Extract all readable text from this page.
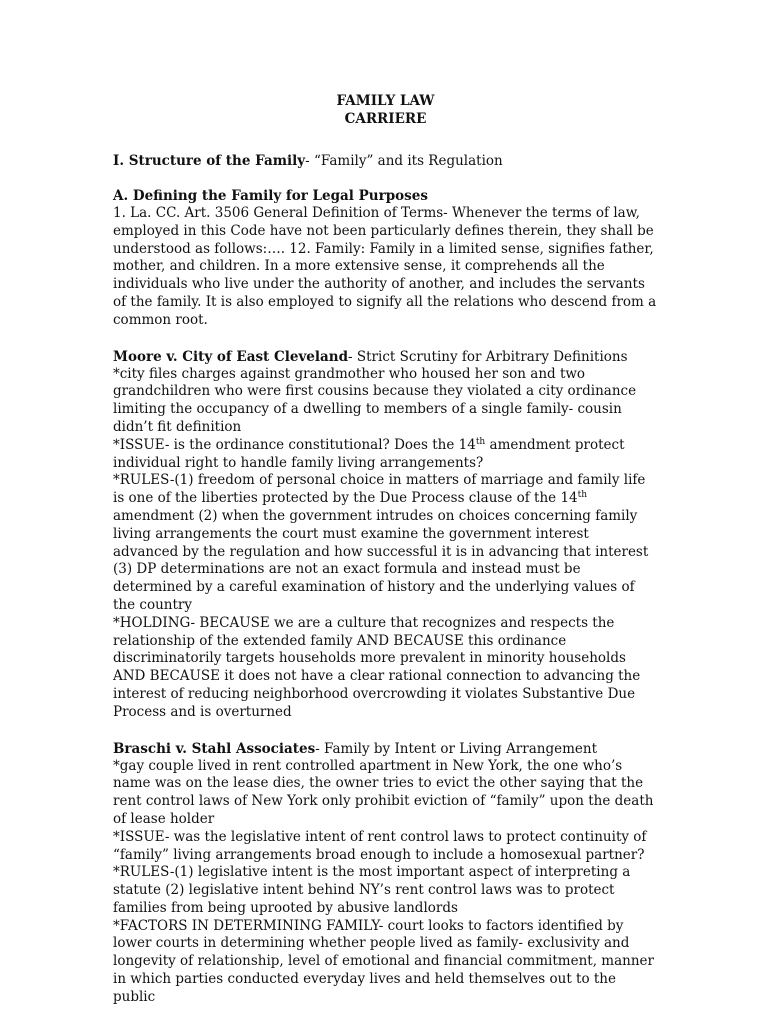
FAMILY LAW
CARRIERE

I. Structure of the Family- “Family” and its Regulation

A. Defining the Family for Legal Purposes

1. La. CC. Art. 3506 General Definition of Terms- Whenever the terms of law, employed in this Code have not been particularly defines therein, they shall be understood as follows:…. 12. Family: Family in a limited sense, signifies father, mother, and children. In a more extensive sense, it comprehends all the individuals who live under the authority of another, and includes the servants of the family. It is also employed to signify all the relations who descend from a common root.

Moore v. City of East Cleveland- Strict Scrutiny for Arbitrary Definitions

*city files charges against grandmother who housed her son and two grandchildren who were first cousins because they violated a city ordinance limiting the occupancy of a dwelling to members of a single family- cousin didn’t fit definition

*ISSUE- is the ordinance constitutional? Does the 14th amendment protect individual right to handle family living arrangements?

*RULES-(1) freedom of personal choice in matters of marriage and family life is one of the liberties protected by the Due Process clause of the 14th amendment (2) when the government intrudes on choices concerning family living arrangements the court must examine the government interest advanced by the regulation and how successful it is in advancing that interest (3) DP determinations are not an exact formula and instead must be determined by a careful examination of history and the underlying values of the country

*HOLDING- BECAUSE we are a culture that recognizes and respects the relationship of the extended family AND BECAUSE this ordinance discriminatorily targets households more prevalent in minority households AND BECAUSE it does not have a clear rational connection to advancing the interest of reducing neighborhood overcrowding it violates Substantive Due Process and is overturned

Braschi v. Stahl Associates- Family by Intent or Living Arrangement

*gay couple lived in rent controlled apartment in New York, the one who’s name was on the lease dies, the owner tries to evict the other saying that the rent control laws of New York only prohibit eviction of “family” upon the death of lease holder

*ISSUE- was the legislative intent of rent control laws to protect continuity of “family” living arrangements broad enough to include a homosexual partner?

*RULES-(1) legislative intent is the most important aspect of interpreting a statute (2) legislative intent behind NY’s rent control laws was to protect families from being uprooted by abusive landlords

*FACTORS IN DETERMINING FAMILY- court looks to factors identified by lower courts in determining whether people lived as family- exclusivity and longevity of relationship, level of emotional and financial commitment, manner in which parties conducted everyday lives and held themselves out to the public
